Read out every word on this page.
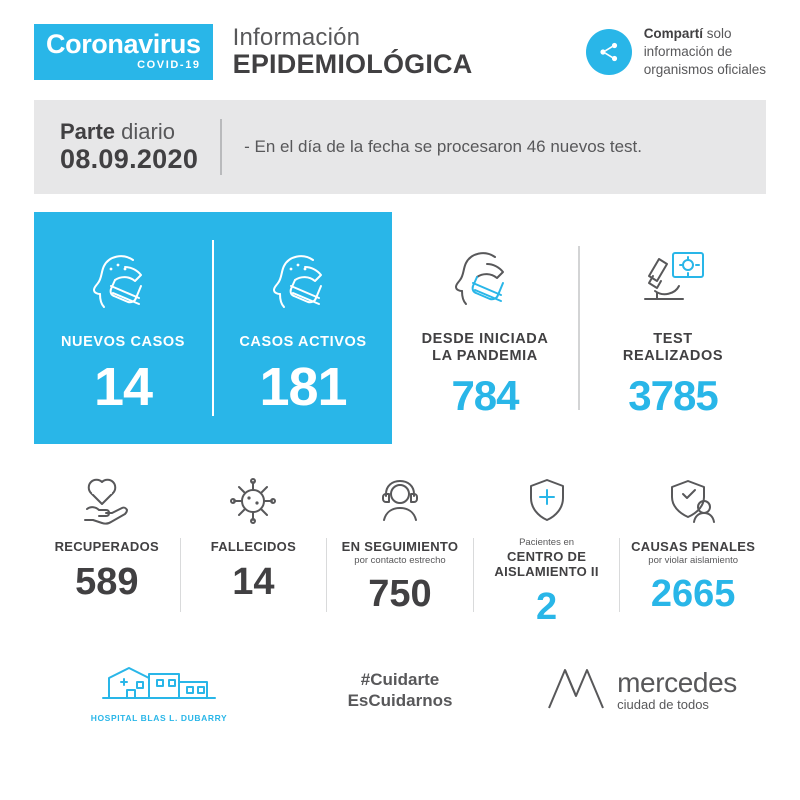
Coronavirus
COVID-19
Información
EPIDEMIOLÓGICA
Compartí solo
información de
organismos oficiales
Parte diario
08.09.2020	- En el día de la fecha se procesaron 46 nuevos test.
NUEVOS CASOS
14
CASOS ACTIVOS
181
DESDE INICIADA
LA PANDEMIA
784
TEST
REALIZADOS
3785
RECUPERADOS
589
FALLECIDOS
14
EN SEGUIMIENTO
por contacto estrecho
750
Pacientes en
CENTRO DE
AISLAMIENTO II
2
CAUSAS PENALES
por violar aislamiento
2665
HOSPITAL BLAS L. DUBARRY
#Cuidarte
EsCuidarnos
mercedes
ciudad de todos
